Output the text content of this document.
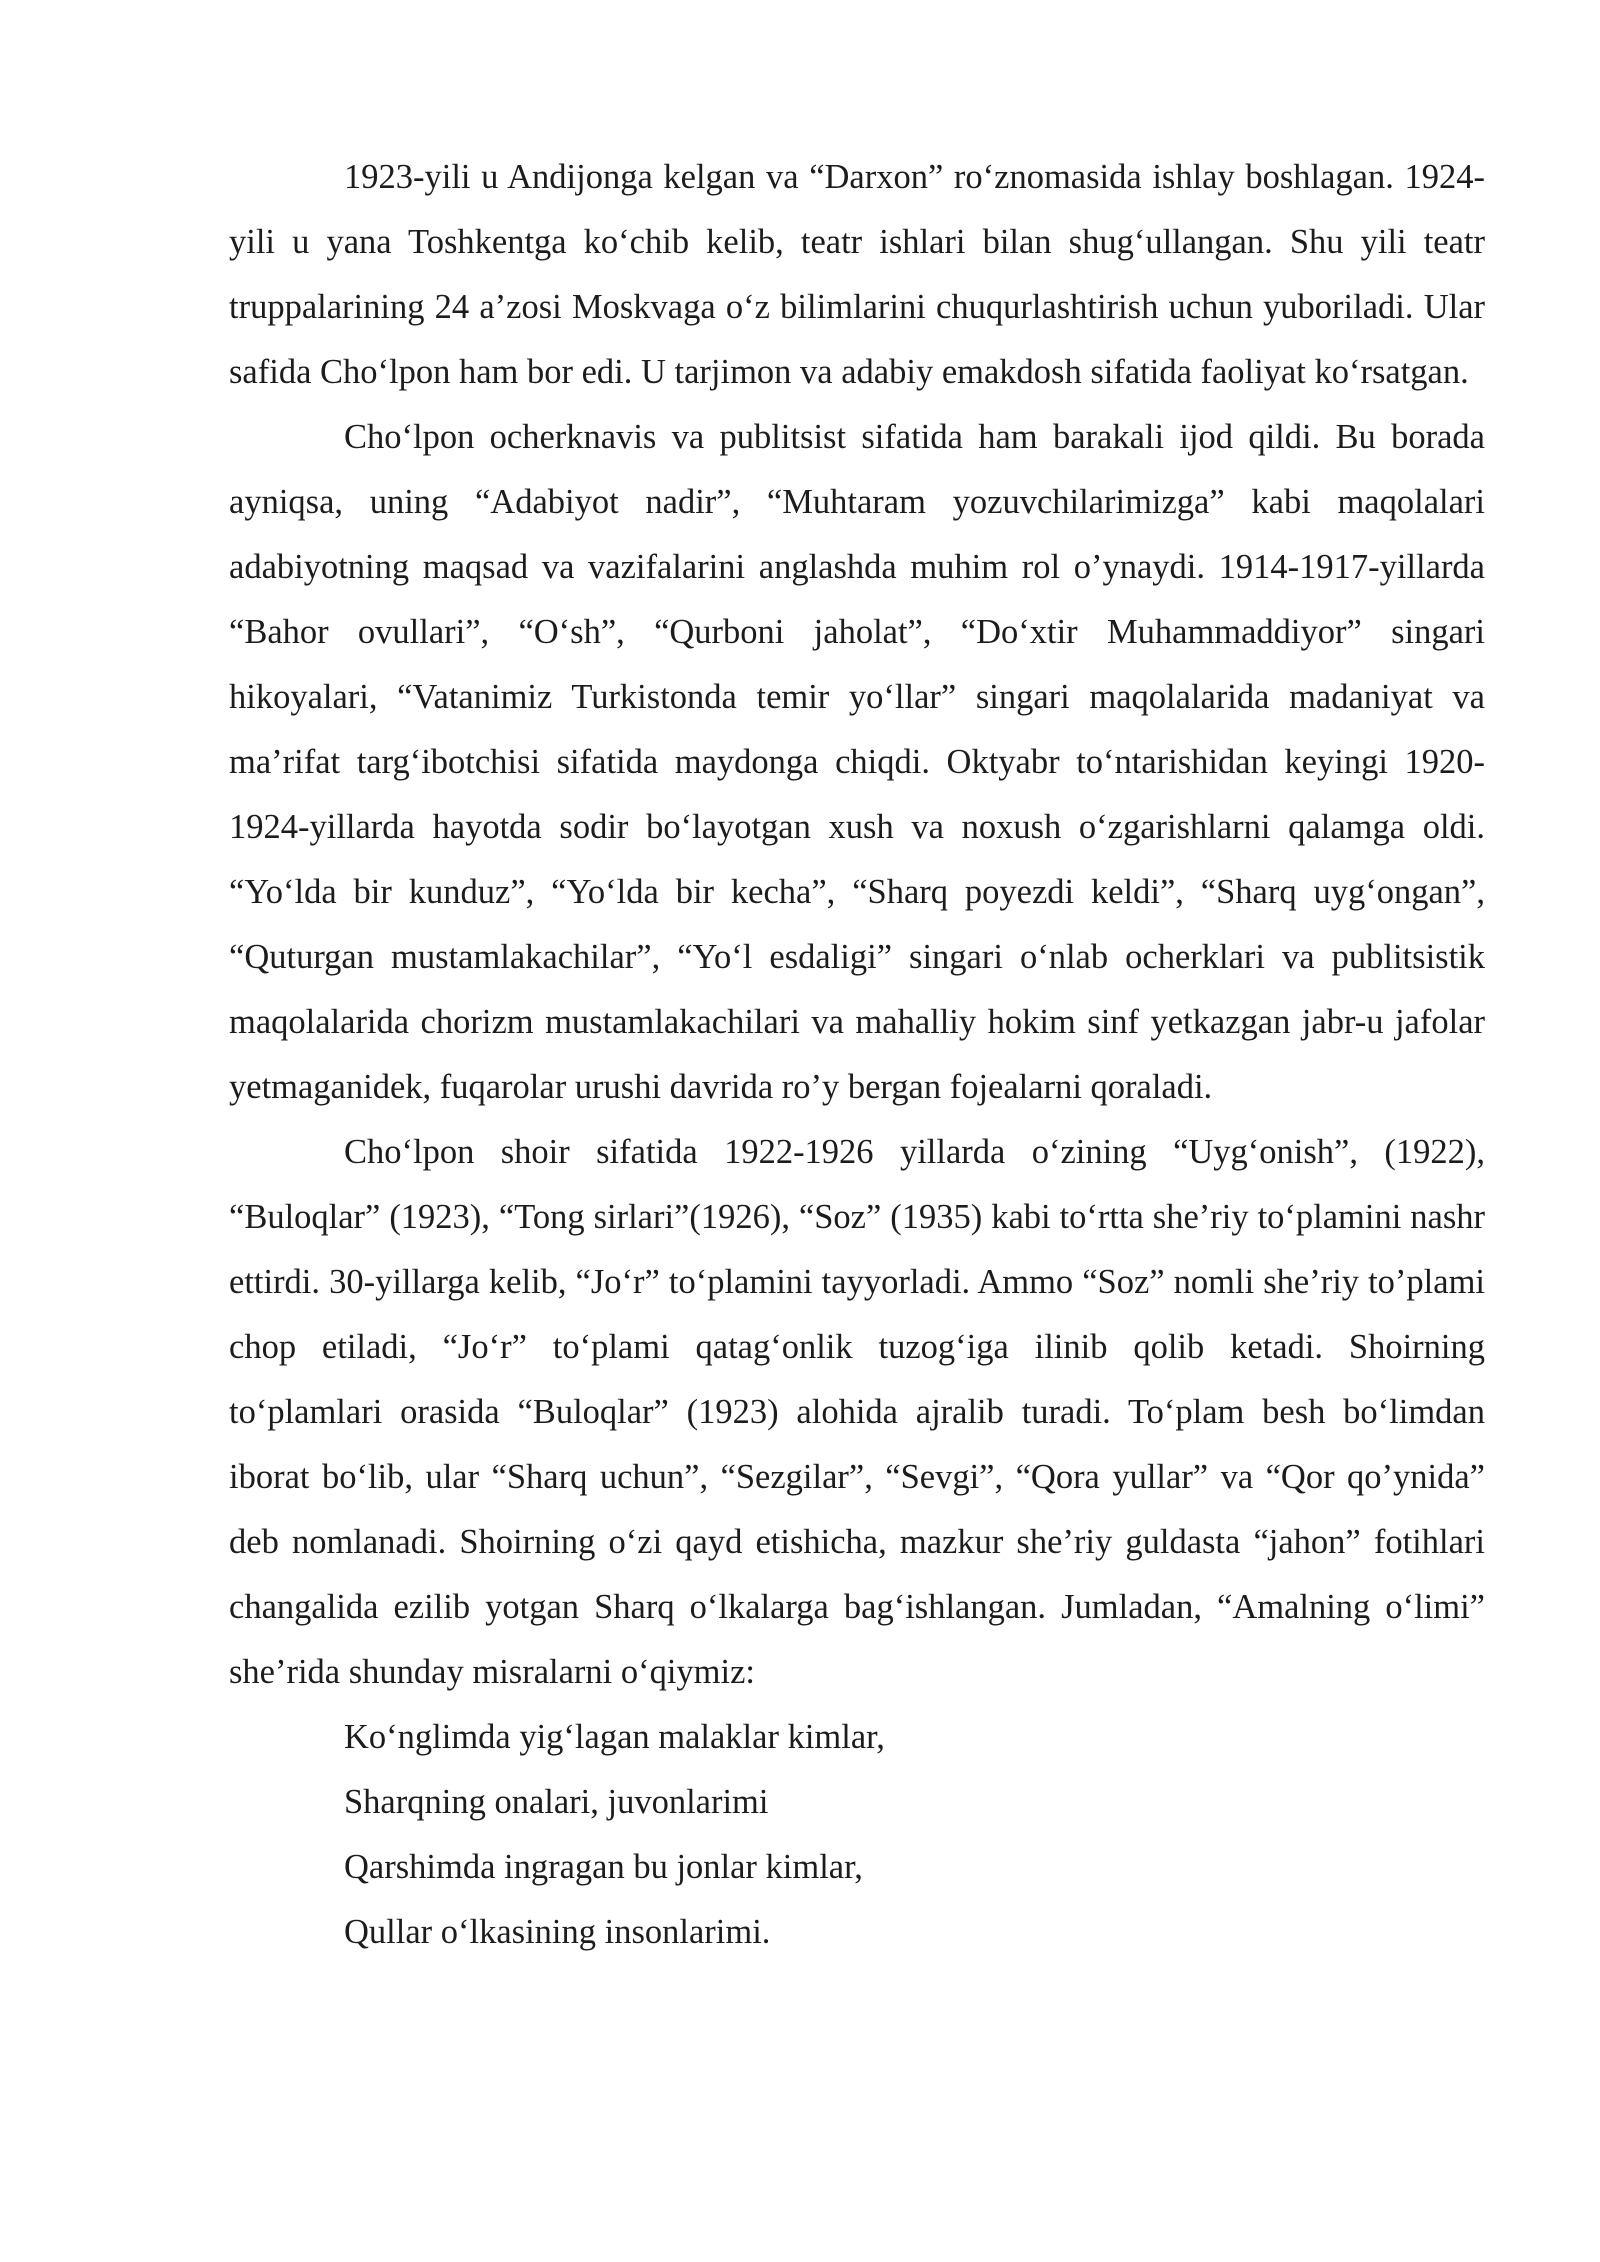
1923-yili u Andijonga kelgan va “Darxon” ro‘znomasida ishlay boshlagan. 1924-yili u yana Toshkentga ko‘chib kelib, teatr ishlari bilan shug‘ullangan. Shu yili teatr truppalarining 24 a’zosi Moskvaga o‘z bilimlarini chuqurlashtirish uchun yuboriladi. Ular safida Cho‘lpon ham bor edi. U tarjimon va adabiy emakdosh sifatida faoliyat ko‘rsatgan.

Cho‘lpon ocherknavis va publitsist sifatida ham barakali ijod qildi. Bu borada ayniqsa, uning “Adabiyot nadir”, “Muhtaram yozuvchilarimizga” kabi maqolalari adabiyotning maqsad va vazifalarini anglashda muhim rol o’ynaydi. 1914-1917-yillarda “Bahor ovullari”, “O‘sh”, “Qurboni jaholat”, “Do‘xtir Muhammaddiyor” singari hikoyalari, “Vatanimiz Turkistonda temir yo‘llar” singari maqolalarida madaniyat va ma’rifat targ‘ibotchisi sifatida maydonga chiqdi. Oktyabr to‘ntarishidan keyingi 1920-1924-yillarda hayotda sodir bo‘layotgan xush va noxush o‘zgarishlarni qalamga oldi. “Yo‘lda bir kunduz”, “Yo‘lda bir kecha”, “Sharq poyezdi keldi”, “Sharq uyg‘ongan”, “Quturgan mustamlakachilar”, “Yo‘l esdaligi” singari o‘nlab ocherklari va publitsistik maqolalarida chorizm mustamlakachilari va mahalliy hokim sinf yetkazgan jabr-u jafolar yetmaganidek, fuqarolar urushi davrida ro’y bergan fojealarni qoraladi.

Cho‘lpon shoir sifatida 1922-1926 yillarda o‘zining “Uyg‘onish”, (1922), “Buloqlar” (1923), “Tong sirlari”(1926), “Soz” (1935) kabi to‘rtta she’riy to‘plamini nashr ettirdi. 30-yillarga kelib, “Jo‘r” to‘plamini tayyorladi. Ammo “Soz” nomli she’riy to’plami chop etiladi, “Jo‘r” to‘plami qatag‘onlik tuzog‘iga ilinib qolib ketadi. Shoirning to‘plamlari orasida “Buloqlar” (1923) alohida ajralib turadi. To‘plam besh bo‘limdan iborat bo‘lib, ular “Sharq uchun”, “Sezgilar”, “Sevgi”, “Qora yullar” va “Qor qo’ynida” deb nomlanadi. Shoirning o‘zi qayd etishicha, mazkur she’riy guldasta “jahon” fotihlari changalida ezilib yotgan Sharq o‘lkalarga bag‘ishlangan. Jumladan, “Amalning o‘limi” she’rida shunday misralarni o‘qiymiz:

Ko‘nglimda yig‘lagan malaklar kimlar,
Sharqning onalari, juvonlarimi
Qarshimda ingragan bu jonlar kimlar,
Qullar o‘lkasining insonlarimi.
